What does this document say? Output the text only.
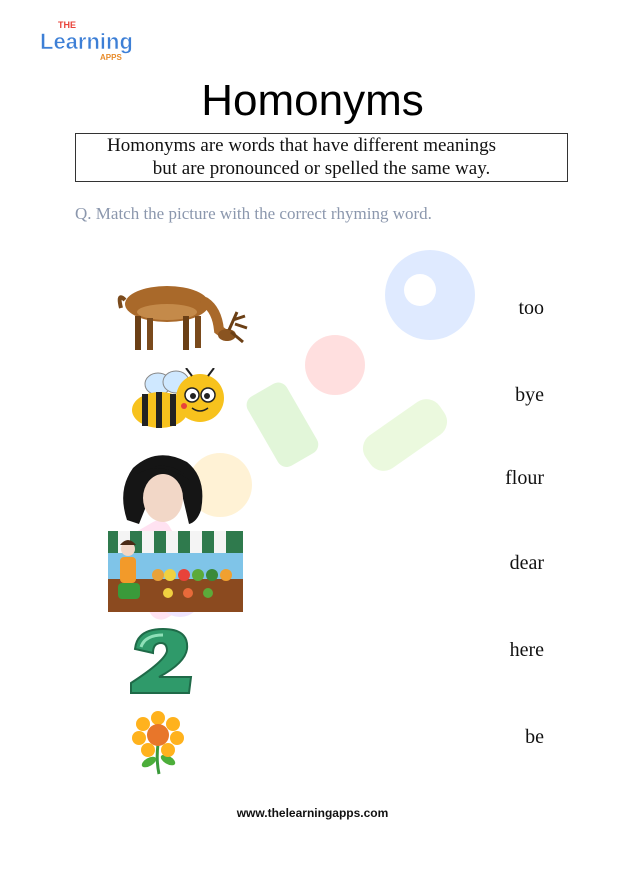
THE
Learning
APPS
Homonyms
Homonyms are words that have different meanings
but are pronounced or spelled the same way.
Q. Match the picture with the correct rhyming word.
too
bye
flour
dear
here
be
www.thelearningapps.com
